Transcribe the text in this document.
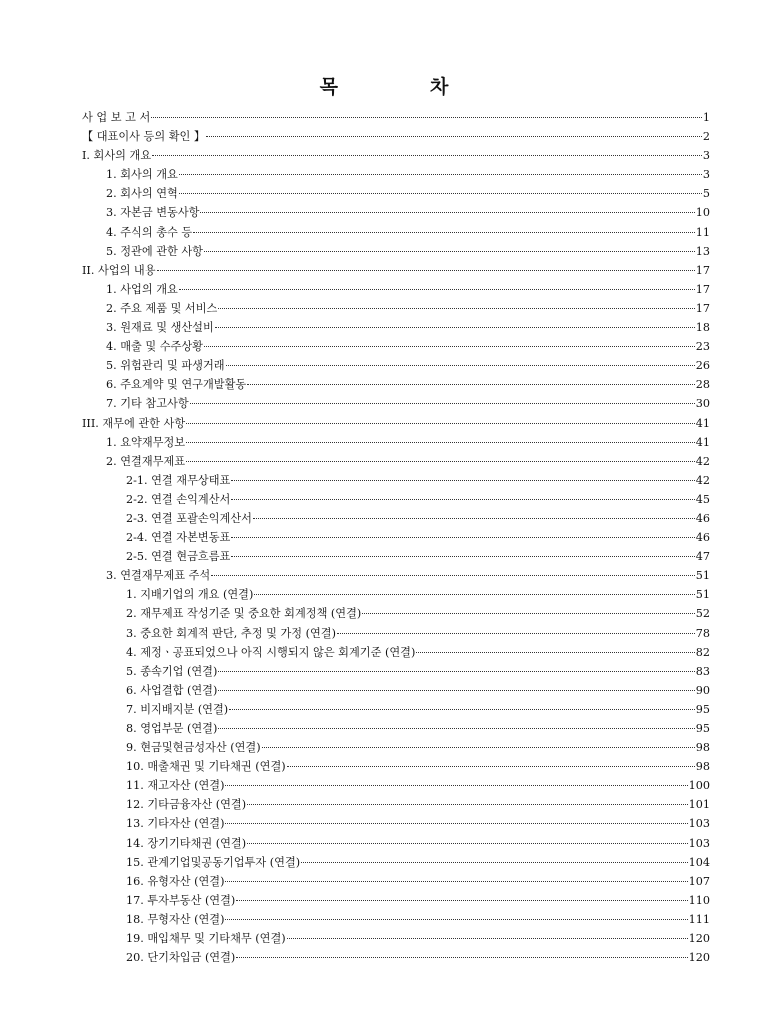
목	차
사 업 보 고 서	1
【 대표이사 등의 확인 】	2
I. 회사의 개요	3
1. 회사의 개요	3
2. 회사의 연혁	5
3. 자본금 변동사항	10
4. 주식의 총수 등	11
5. 정관에 관한 사항	13
II. 사업의 내용	17
1. 사업의 개요	17
2. 주요 제품 및 서비스	17
3. 원재료 및 생산설비	18
4. 매출 및 수주상황	23
5. 위험관리 및 파생거래	26
6. 주요계약 및 연구개발활동	28
7. 기타 참고사항	30
III. 재무에 관한 사항	41
1. 요약재무정보	41
2. 연결재무제표	42
2-1. 연결 재무상태표	42
2-2. 연결 손익계산서	45
2-3. 연결 포괄손익계산서	46
2-4. 연결 자본변동표	46
2-5. 연결 현금흐름표	47
3. 연결재무제표 주석	51
1. 지배기업의 개요 (연결)	51
2. 재무제표 작성기준 및 중요한 회계정책 (연결)	52
3. 중요한 회계적 판단, 추정 및 가정 (연결)	78
4. 제정ㆍ공표되었으나 아직 시행되지 않은 회계기준 (연결)	82
5. 종속기업 (연결)	83
6. 사업결합 (연결)	90
7. 비지배지분 (연결)	95
8. 영업부문 (연결)	95
9. 현금및현금성자산 (연결)	98
10. 매출채권 및 기타채권 (연결)	98
11. 재고자산 (연결)	100
12. 기타금융자산 (연결)	101
13. 기타자산 (연결)	103
14. 장기기타채권 (연결)	103
15. 관계기업및공동기업투자 (연결)	104
16. 유형자산 (연결)	107
17. 투자부동산 (연결)	110
18. 무형자산 (연결)	111
19. 매입채무 및 기타채무 (연결)	120
20. 단기차입금 (연결)	120
